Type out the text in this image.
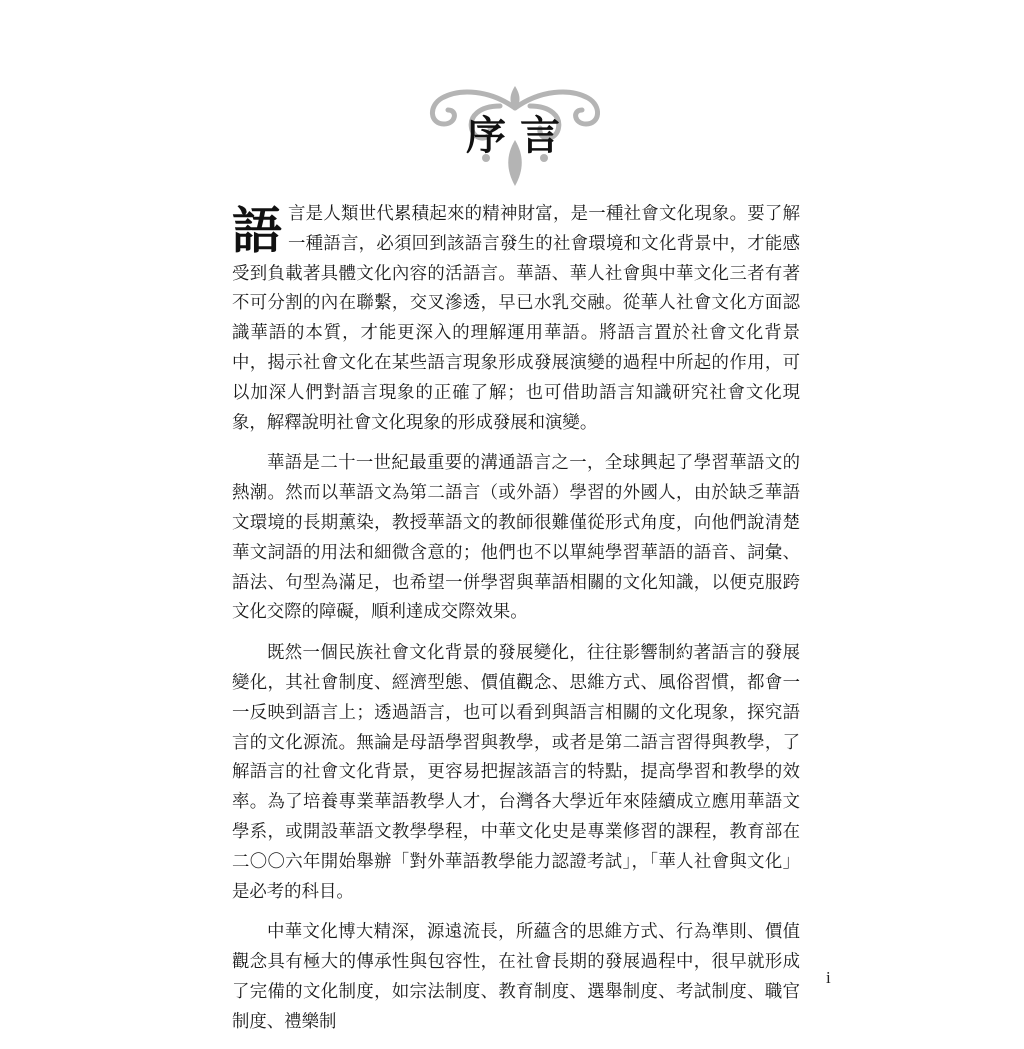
序言

語言是人類世代累積起來的精神財富，是一種社會文化現象。要了解一種語言，必須回到該語言發生的社會環境和文化背景中，才能感受到負載著具體文化內容的活語言。華語、華人社會與中華文化三者有著不可分割的內在聯繫，交叉滲透，早已水乳交融。從華人社會文化方面認識華語的本質，才能更深入的理解運用華語。將語言置於社會文化背景中，揭示社會文化在某些語言現象形成發展演變的過程中所起的作用，可以加深人們對語言現象的正確了解；也可借助語言知識研究社會文化現象，解釋說明社會文化現象的形成發展和演變。

華語是二十一世紀最重要的溝通語言之一，全球興起了學習華語文的熱潮。然而以華語文為第二語言（或外語）學習的外國人，由於缺乏華語文環境的長期薰染，教授華語文的教師很難僅從形式角度，向他們說清楚華文詞語的用法和細微含意的；他們也不以單純學習華語的語音、詞彙、語法、句型為滿足，也希望一併學習與華語相關的文化知識，以便克服跨文化交際的障礙，順利達成交際效果。

既然一個民族社會文化背景的發展變化，往往影響制約著語言的發展變化，其社會制度、經濟型態、價值觀念、思維方式、風俗習慣，都會一一反映到語言上；透過語言，也可以看到與語言相關的文化現象，探究語言的文化源流。無論是母語學習與教學，或者是第二語言習得與教學，了解語言的社會文化背景，更容易把握該語言的特點，提高學習和教學的效率。為了培養專業華語教學人才，台灣各大學近年來陸續成立應用華語文學系，或開設華語文教學學程，中華文化史是專業修習的課程，教育部在二〇〇六年開始舉辦「對外華語教學能力認證考試」，「華人社會與文化」是必考的科目。

中華文化博大精深，源遠流長，所蘊含的思維方式、行為準則、價值觀念具有極大的傳承性與包容性，在社會長期的發展過程中，很早就形成了完備的文化制度，如宗法制度、教育制度、選舉制度、考試制度、職官制度、禮樂制

i
